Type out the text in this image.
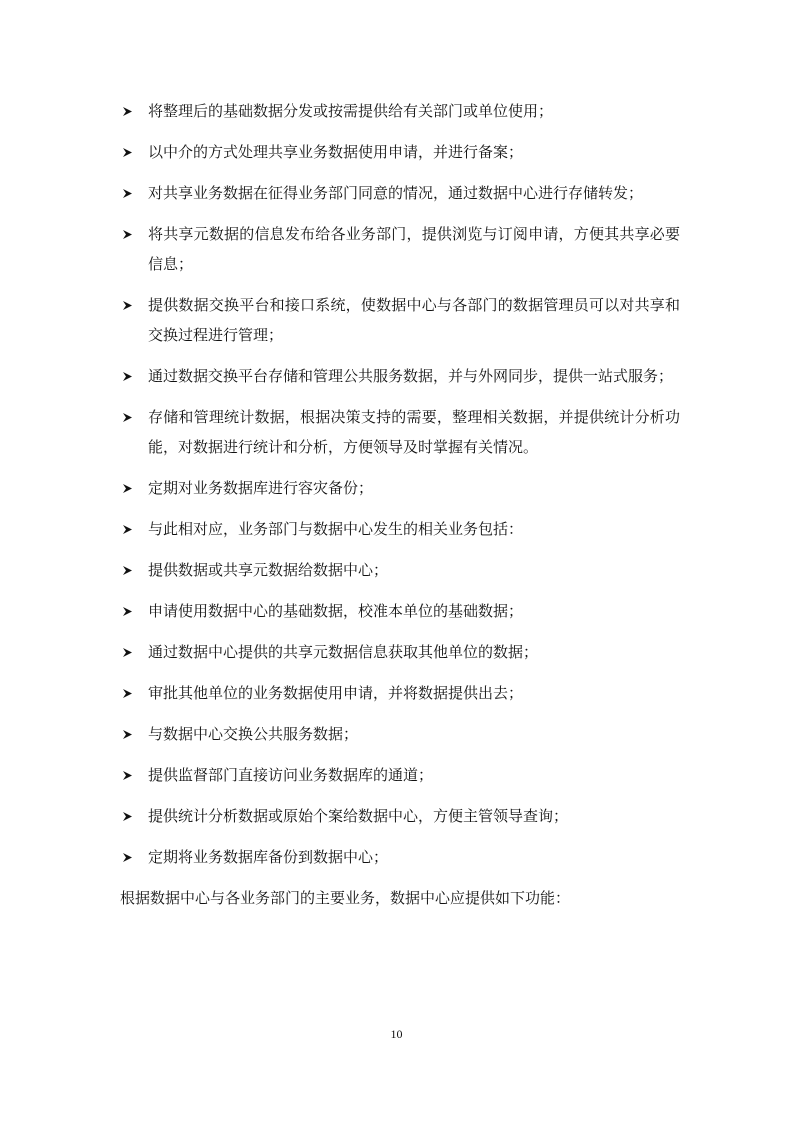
将整理后的基础数据分发或按需提供给有关部门或单位使用；
以中介的方式处理共享业务数据使用申请，并进行备案；
对共享业务数据在征得业务部门同意的情况，通过数据中心进行存储转发；
将共享元数据的信息发布给各业务部门，提供浏览与订阅申请，方便其共享必要信息；
提供数据交换平台和接口系统，使数据中心与各部门的数据管理员可以对共享和交换过程进行管理；
通过数据交换平台存储和管理公共服务数据，并与外网同步，提供一站式服务；
存储和管理统计数据，根据决策支持的需要，整理相关数据，并提供统计分析功能，对数据进行统计和分析，方便领导及时掌握有关情况。
定期对业务数据库进行容灾备份；
与此相对应，业务部门与数据中心发生的相关业务包括：
提供数据或共享元数据给数据中心；
申请使用数据中心的基础数据，校准本单位的基础数据；
通过数据中心提供的共享元数据信息获取其他单位的数据；
审批其他单位的业务数据使用申请，并将数据提供出去；
与数据中心交换公共服务数据；
提供监督部门直接访问业务数据库的通道；
提供统计分析数据或原始个案给数据中心，方便主管领导查询；
定期将业务数据库备份到数据中心；

根据数据中心与各业务部门的主要业务，数据中心应提供如下功能：

10
